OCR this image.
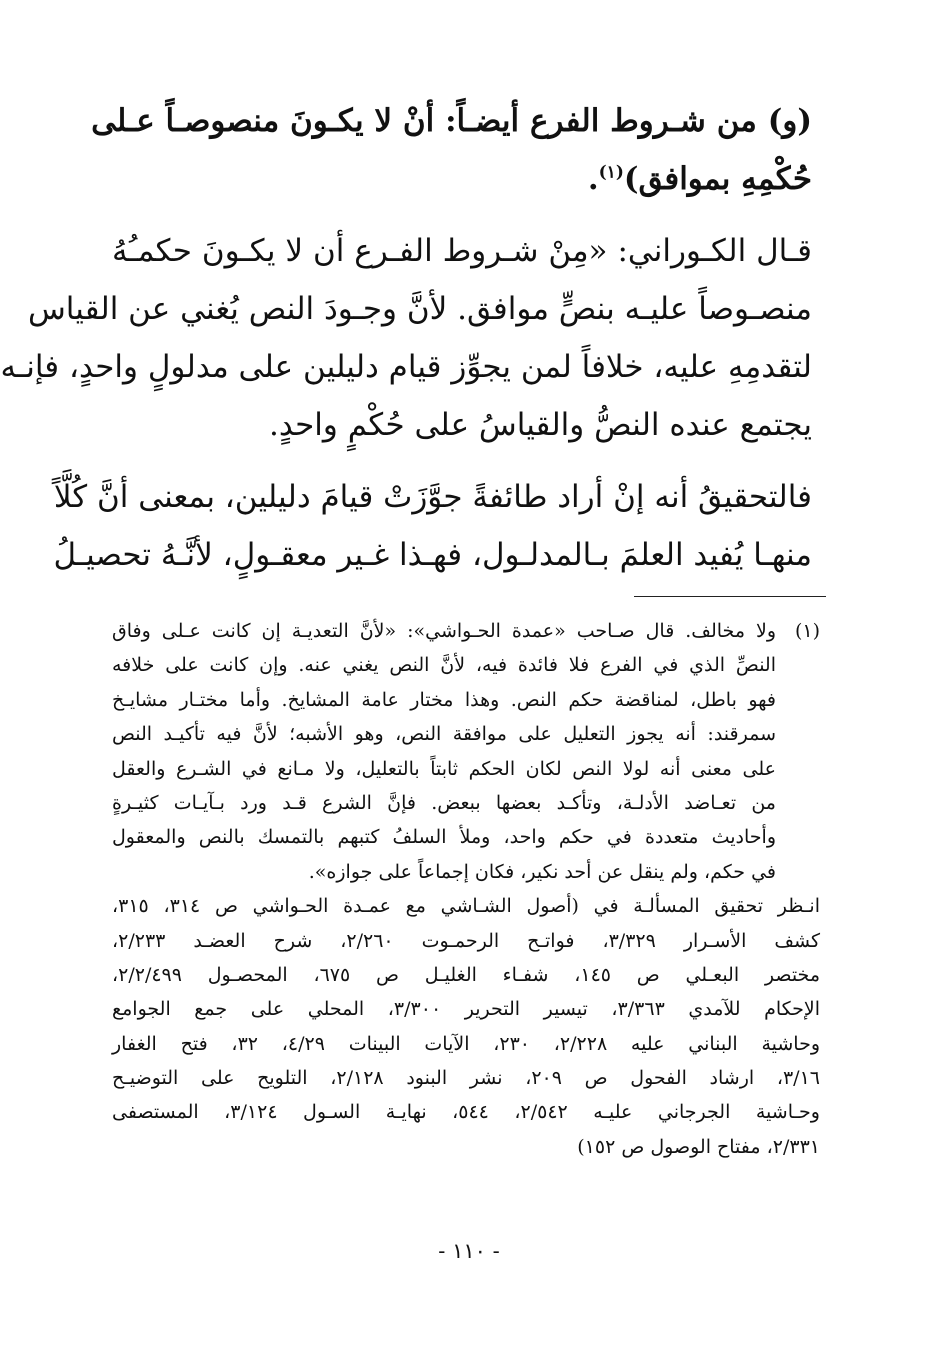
(و) من شـروط الفرع أيضـاً: أنْ لا يكـونَ منصوصـاً عـلى
حُكْمِهِ بموافق)$^{(١)}$.
قـال الكـوراني: «مِنْ شـروط الفـرع أن لا يكـونَ حكمـُهُ
منصـوصاً عليـه بنصٍّ موافق. لأنَّ وجـودَ النص يُغني عن القياس
لتقدمِهِ عليه، خلافاً لمن يجوِّز قيام دليلين على مدلولٍ واحدٍ، فإنـه
يجتمع عنده النصُّ والقياسُ على حُكْمٍ واحدٍ.
فالتحقيقُ أنه إنْ أراد طائفةً جوَّزَتْ قيامَ دليلين، بمعنى أنَّ كُلَّاً
منهـا يُفيد العلمَ بـالمدلـول، فهـذا غـير معقـولٍ، لأنَّـهُ تحصيـلُ
(١)
ولا مخالف. قال صـاحب «عمدة الحـواشي»: «لأنَّ التعديـة إن كانت عـلى وفاق
النصِّ الذي في الفرع فلا فائدة فيه، لأنَّ النص يغني عنه. وإن كانت على خلافه
فهو باطل، لمناقضة حكم النص. وهذا مختار عامة المشايخ. وأما مختـار مشايـخ
سمرقند: أنه يجوز التعليل على موافقة النص، وهو الأشبه؛ لأنَّ فيه تأكيـد النص
على معنى أنه لولا النص لكان الحكم ثابتاً بالتعليل، ولا مـانع في الشـرع والعقل
من تعـاضد الأدلـة، وتأكـد بعضها ببعض. فإنَّ الشرع قـد ورد بـآيـات كثيـرةٍ
وأحاديث متعددة في حكم واحد، وملأ السلفُ كتبهم بالتمسك بالنص والمعقول
في حكم، ولم ينقل عن أحد نكير، فكان إجماعاً على جوازه».
انـظر تحقيق المسألـة في (أصول الشـاشي مع عمـدة الحـواشي ص ٣١٤، ٣١٥،
كشف الأسـرار ٣/٣٢٩، فواتـح الرحمـوت ٢/٢٦٠، شرح العضـد ٢/٢٣٣،
مختصر البعـلي ص ١٤٥، شفـاء الغليـل ص ٦٧٥، المحصـول ٢/٢/٤٩٩،
الإحكام للآمدي ٣/٣٦٣، تيسير التحرير ٣/٣٠٠، المحلي على جمع الجوامع
وحاشية البناني عليه ٢/٢٢٨، ٢٣٠، الآيات البينات ٤/٢٩، ٣٢، فتح الغفار
٣/١٦، ارشاد الفحول ص ٢٠٩، نشر البنود ٢/١٢٨، التلويح على التوضيـح
وحـاشية الجرجاني عليـه ٢/٥٤٢، ٥٤٤، نهايـة السـول ٣/١٢٤، المستصفى
٢/٣٣١، مفتاح الوصول ص ١٥٢)
- ١١٠ -
